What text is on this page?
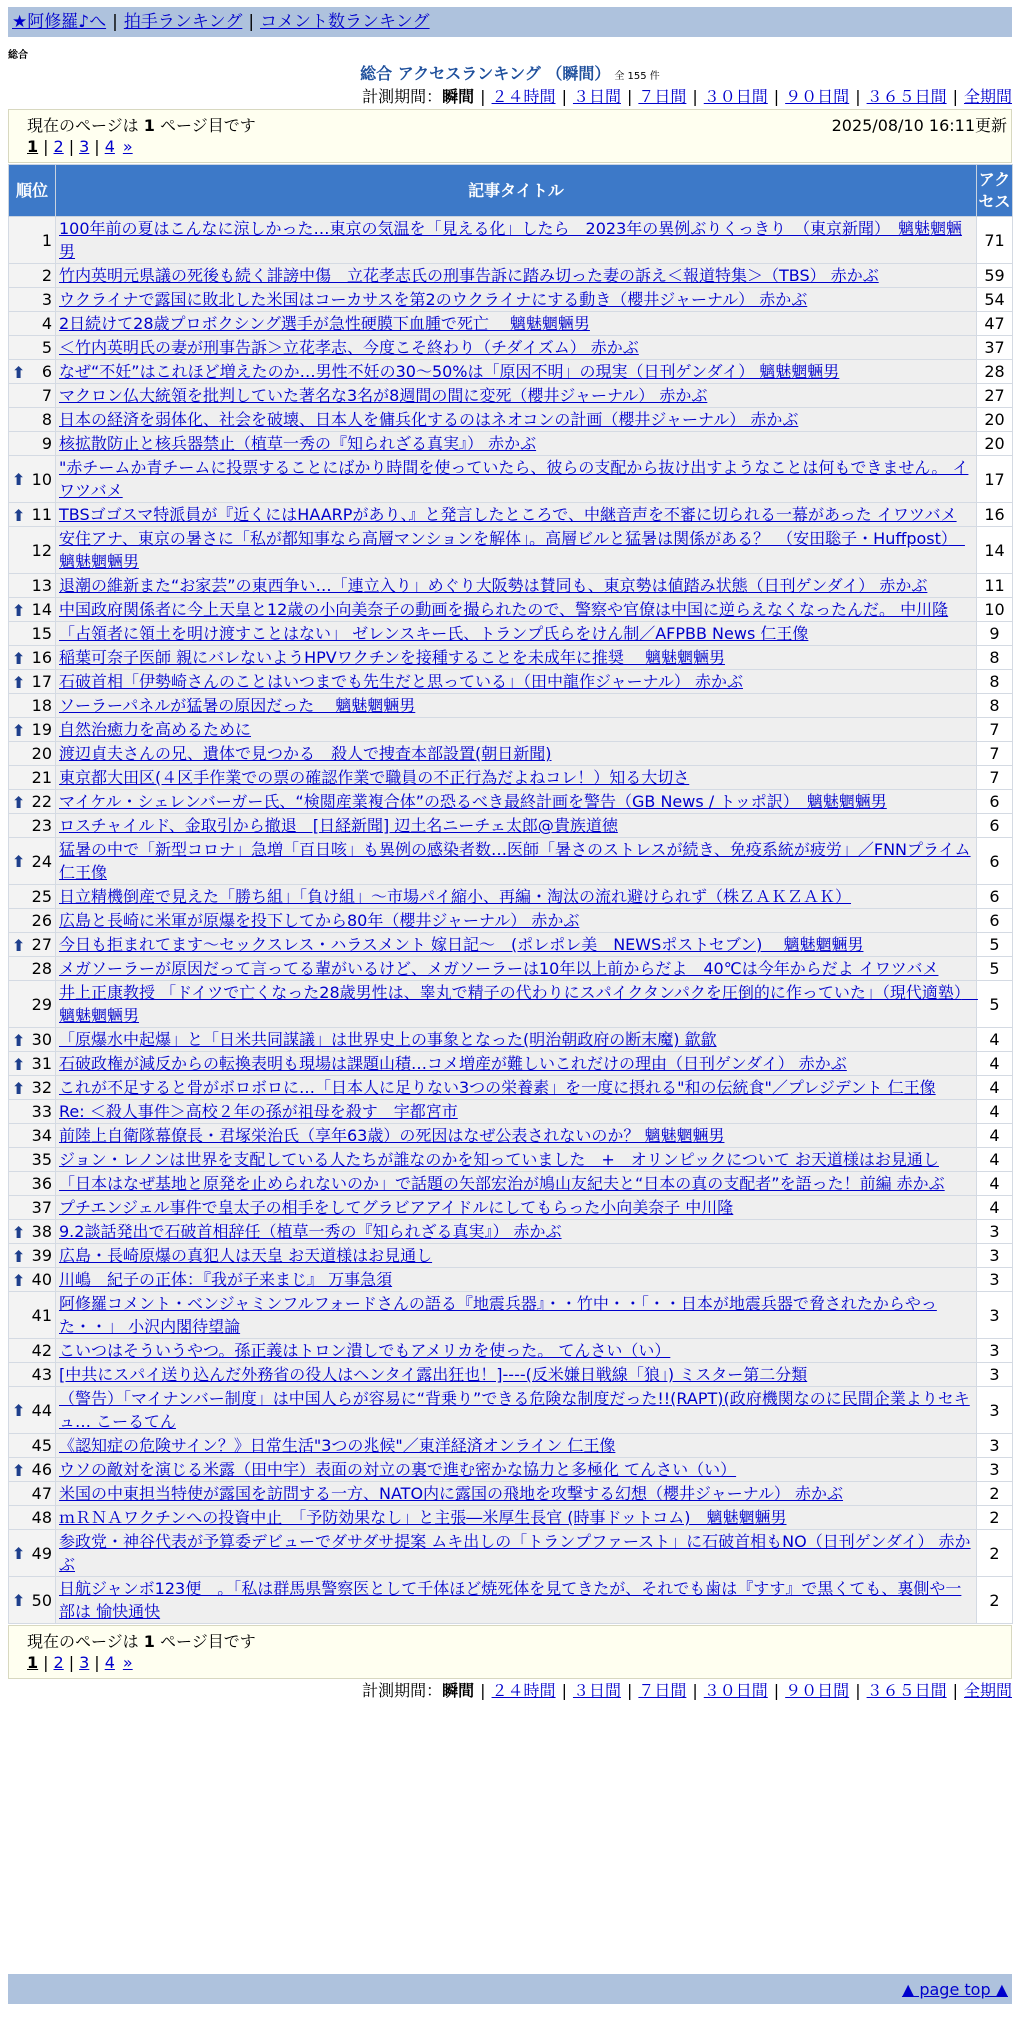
★阿修羅♪へ | 拍手ランキング | コメント数ランキング
総合
総合 アクセスランキング （瞬間） 全 155 件
計測期間：瞬間 | ２４時間 | ３日間 | ７日間 | ３０日間 | ９０日間 | ３６５日間 | 全期間
現在のページは 1 ページ目です	2025/08/10 16:11更新
1 | 2 | 3 | 4 »
順位	記事タイトル	アクセス
1	100年前の夏はこんなに涼しかった…東京の気温を「見える化」したら　2023年の異例ぶりくっきり　（東京新聞）　魑魅魍魎男	71
2	竹内英明元県議の死後も続く誹謗中傷　立花孝志氏の刑事告訴に踏み切った妻の訴え＜報道特集＞（TBS） 赤かぶ	59
3	ウクライナで露国に敗北した米国はコーカサスを第2のウクライナにする動き（櫻井ジャーナル） 赤かぶ	54
4	2日続けて28歳プロボクシング選手が急性硬膜下血腫で死亡　 魑魅魍魎男	47
5	＜竹内英明氏の妻が刑事告訴＞立花孝志、今度こそ終わり（チダイズム） 赤かぶ	37

⬆ 6	なぜ“不妊”はこれほど増えたのか…男性不妊の30～50%は「原因不明」の現実（日刊ゲンダイ） 魑魅魍魎男	28
7	マクロン仏大統領を批判していた著名な3名が8週間の間に変死（櫻井ジャーナル） 赤かぶ	27
8	日本の経済を弱体化、社会を破壊、日本人を傭兵化するのはネオコンの計画（櫻井ジャーナル） 赤かぶ	20
9	核拡散防止と核兵器禁止（植草一秀の『知られざる真実』） 赤かぶ	20

⬆ 10	"赤チームか青チームに投票することにばかり時間を使っていたら、彼らの支配から抜け出すようなことは何もできません。 イワツバメ	17

⬆ 11	TBSゴゴスマ特派員が『近くにはHAARPがあり、』と発言したところで、中継音声を不審に切られる一幕があった イワツバメ	16
12	安住アナ、東京の暑さに「私が都知事なら高層マンションを解体」。高層ビルと猛暑は関係がある？　（安田聡子・Huffpost）　魑魅魍魎男	14
13	退潮の維新また“お家芸”の東西争い…「連立入り」めぐり大阪勢は賛同も、東京勢は値踏み状態（日刊ゲンダイ） 赤かぶ	11

⬆ 14	中国政府関係者に今上天皇と12歳の小向美奈子の動画を撮られたので、警察や官僚は中国に逆らえなくなったんだ。 中川隆	10
15	「占領者に領土を明け渡すことはない」 ゼレンスキー氏、トランプ氏らをけん制／AFPBB News 仁王像	9

⬆ 16	稲葉可奈子医師 親にバレないようHPVワクチンを接種することを未成年に推奨　 魑魅魍魎男	8

⬆ 17	石破首相「伊勢崎さんのことはいつまでも先生だと思っている」（田中龍作ジャーナル） 赤かぶ	8
18	ソーラーパネルが猛暑の原因だった　 魑魅魍魎男	8

⬆ 19	自然治癒力を高めるために	7
20	渡辺貞夫さんの兄、遺体で見つかる　殺人で捜査本部設置(朝日新聞)	7
21	東京都大田区(４区手作業での票の確認作業で職員の不正行為だよねコレ！）知る大切さ	7

⬆ 22	マイケル・シェレンバーガー氏、“検閲産業複合体”の恐るべき最終計画を警告（GB News / トッポ訳）　魑魅魍魎男	6
23	ロスチャイルド、金取引から撤退　[日経新聞] 辺土名ニーチェ太郎@貴族道徳	6

⬆ 24	猛暑の中で「新型コロナ」急増「百日咳」も異例の感染者数…医師「暑さのストレスが続き、免疫系統が疲労」／FNNプライム 仁王像	6
25	日立精機倒産で見えた「勝ち組」「負け組」～市場パイ縮小、再編・淘汰の流れ避けられず（株ＺＡＫＺＡＫ）	6
26	広島と長崎に米軍が原爆を投下してから80年（櫻井ジャーナル） 赤かぶ	6

⬆ 27	今日も拒まれてます～セックスレス・ハラスメント 嫁日記～　(ポレポレ美　NEWSポストセブン)　 魑魅魍魎男	5
28	メガソーラーが原因だって言ってる輩がいるけど、メガソーラーは10年以上前からだよ　40℃は今年からだよ イワツバメ	5
29	井上正康教授 「ドイツで亡くなった28歳男性は、睾丸で精子の代わりにスパイクタンパクを圧倒的に作っていた」（現代適塾）　魑魅魍魎男	5

⬆ 30	「原爆水中起爆」と「日米共同謀議」は世界史上の事象となった(明治朝政府の断末魔) 歙歙	4

⬆ 31	石破政権が減反からの転換表明も現場は課題山積…コメ増産が難しいこれだけの理由（日刊ゲンダイ） 赤かぶ	4

⬆ 32	これが不足すると骨がボロボロに…「日本人に足りない3つの栄養素」を一度に摂れる"和の伝統食"／プレジデント 仁王像	4
33	Re: ＜殺人事件＞高校２年の孫が祖母を殺す　宇都宮市	4
34	前陸上自衛隊幕僚長・君塚栄治氏（享年63歳）の死因はなぜ公表されないのか？ 魑魅魍魎男	4
35	ジョン・レノンは世界を支配している人たちが誰なのかを知っていました　+　オリンピックについて お天道様はお見通し	4
36	「日本はなぜ基地と原発を止められないのか」で話題の矢部宏治が鳩山友紀夫と“日本の真の支配者”を語った！前編 赤かぶ	4
37	プチエンジェル事件で皇太子の相手をしてグラビアアイドルにしてもらった小向美奈子 中川隆	4

⬆ 38	9.2談話発出で石破首相辞任（植草一秀の『知られざる真実』） 赤かぶ	3

⬆ 39	広島・長崎原爆の真犯人は天皇 お天道様はお見通し	3

⬆ 40	川嶋　紀子の正体：『我が子来まじ』 万事急須	3
41	阿修羅コメント・ベンジャミンフルフォードさんの語る『地震兵器』・・竹中・・「・・日本が地震兵器で脅されたからやった・・」 小沢内閣待望論	3
42	こいつはそういうやつ。孫正義はトロン潰しでもアメリカを使った。 てんさい（い）	3
43	[中共にスパイ送り込んだ外務省の役人はヘンタイ露出狂也！]----(反米嫌日戦線「狼」) ミスター第二分類	3

⬆ 44	（警告）「マイナンバー制度」は中国人らが容易に“背乗り”できる危険な制度だった!!(RAPT)(政府機関なのに民間企業よりセキュ… こーるてん	3
45	《認知症の危険サイン？》日常生活"3つの兆候"／東洋経済オンライン 仁王像	3

⬆ 46	ウソの敵対を演じる米露（田中宇）表面の対立の裏で進む密かな協力と多極化 てんさい（い）	3
47	米国の中東担当特使が露国を訪問する一方、NATO内に露国の飛地を攻撃する幻想（櫻井ジャーナル） 赤かぶ	2
48	ｍＲＮＡワクチンへの投資中止　「予防効果なし」と主張―米厚生長官 (時事ドットコム)　魑魅魍魎男	2

⬆ 49	参政党・神谷代表が予算委デビューでダサダサ提案 ムキ出しの「トランプファースト」に石破首相もNO（日刊ゲンダイ） 赤かぶ	2

⬆ 50	日航ジャンボ123便　。「私は群馬県警察医として千体ほど焼死体を見てきたが、それでも歯は『すす』で黒くても、裏側や一部は 愉快通快	2
現在のページは 1 ページ目です
1 | 2 | 3 | 4 »
計測期間：瞬間 | ２４時間 | ３日間 | ７日間 | ３０日間 | ９０日間 | ３６５日間 | 全期間
▲ page top ▲
